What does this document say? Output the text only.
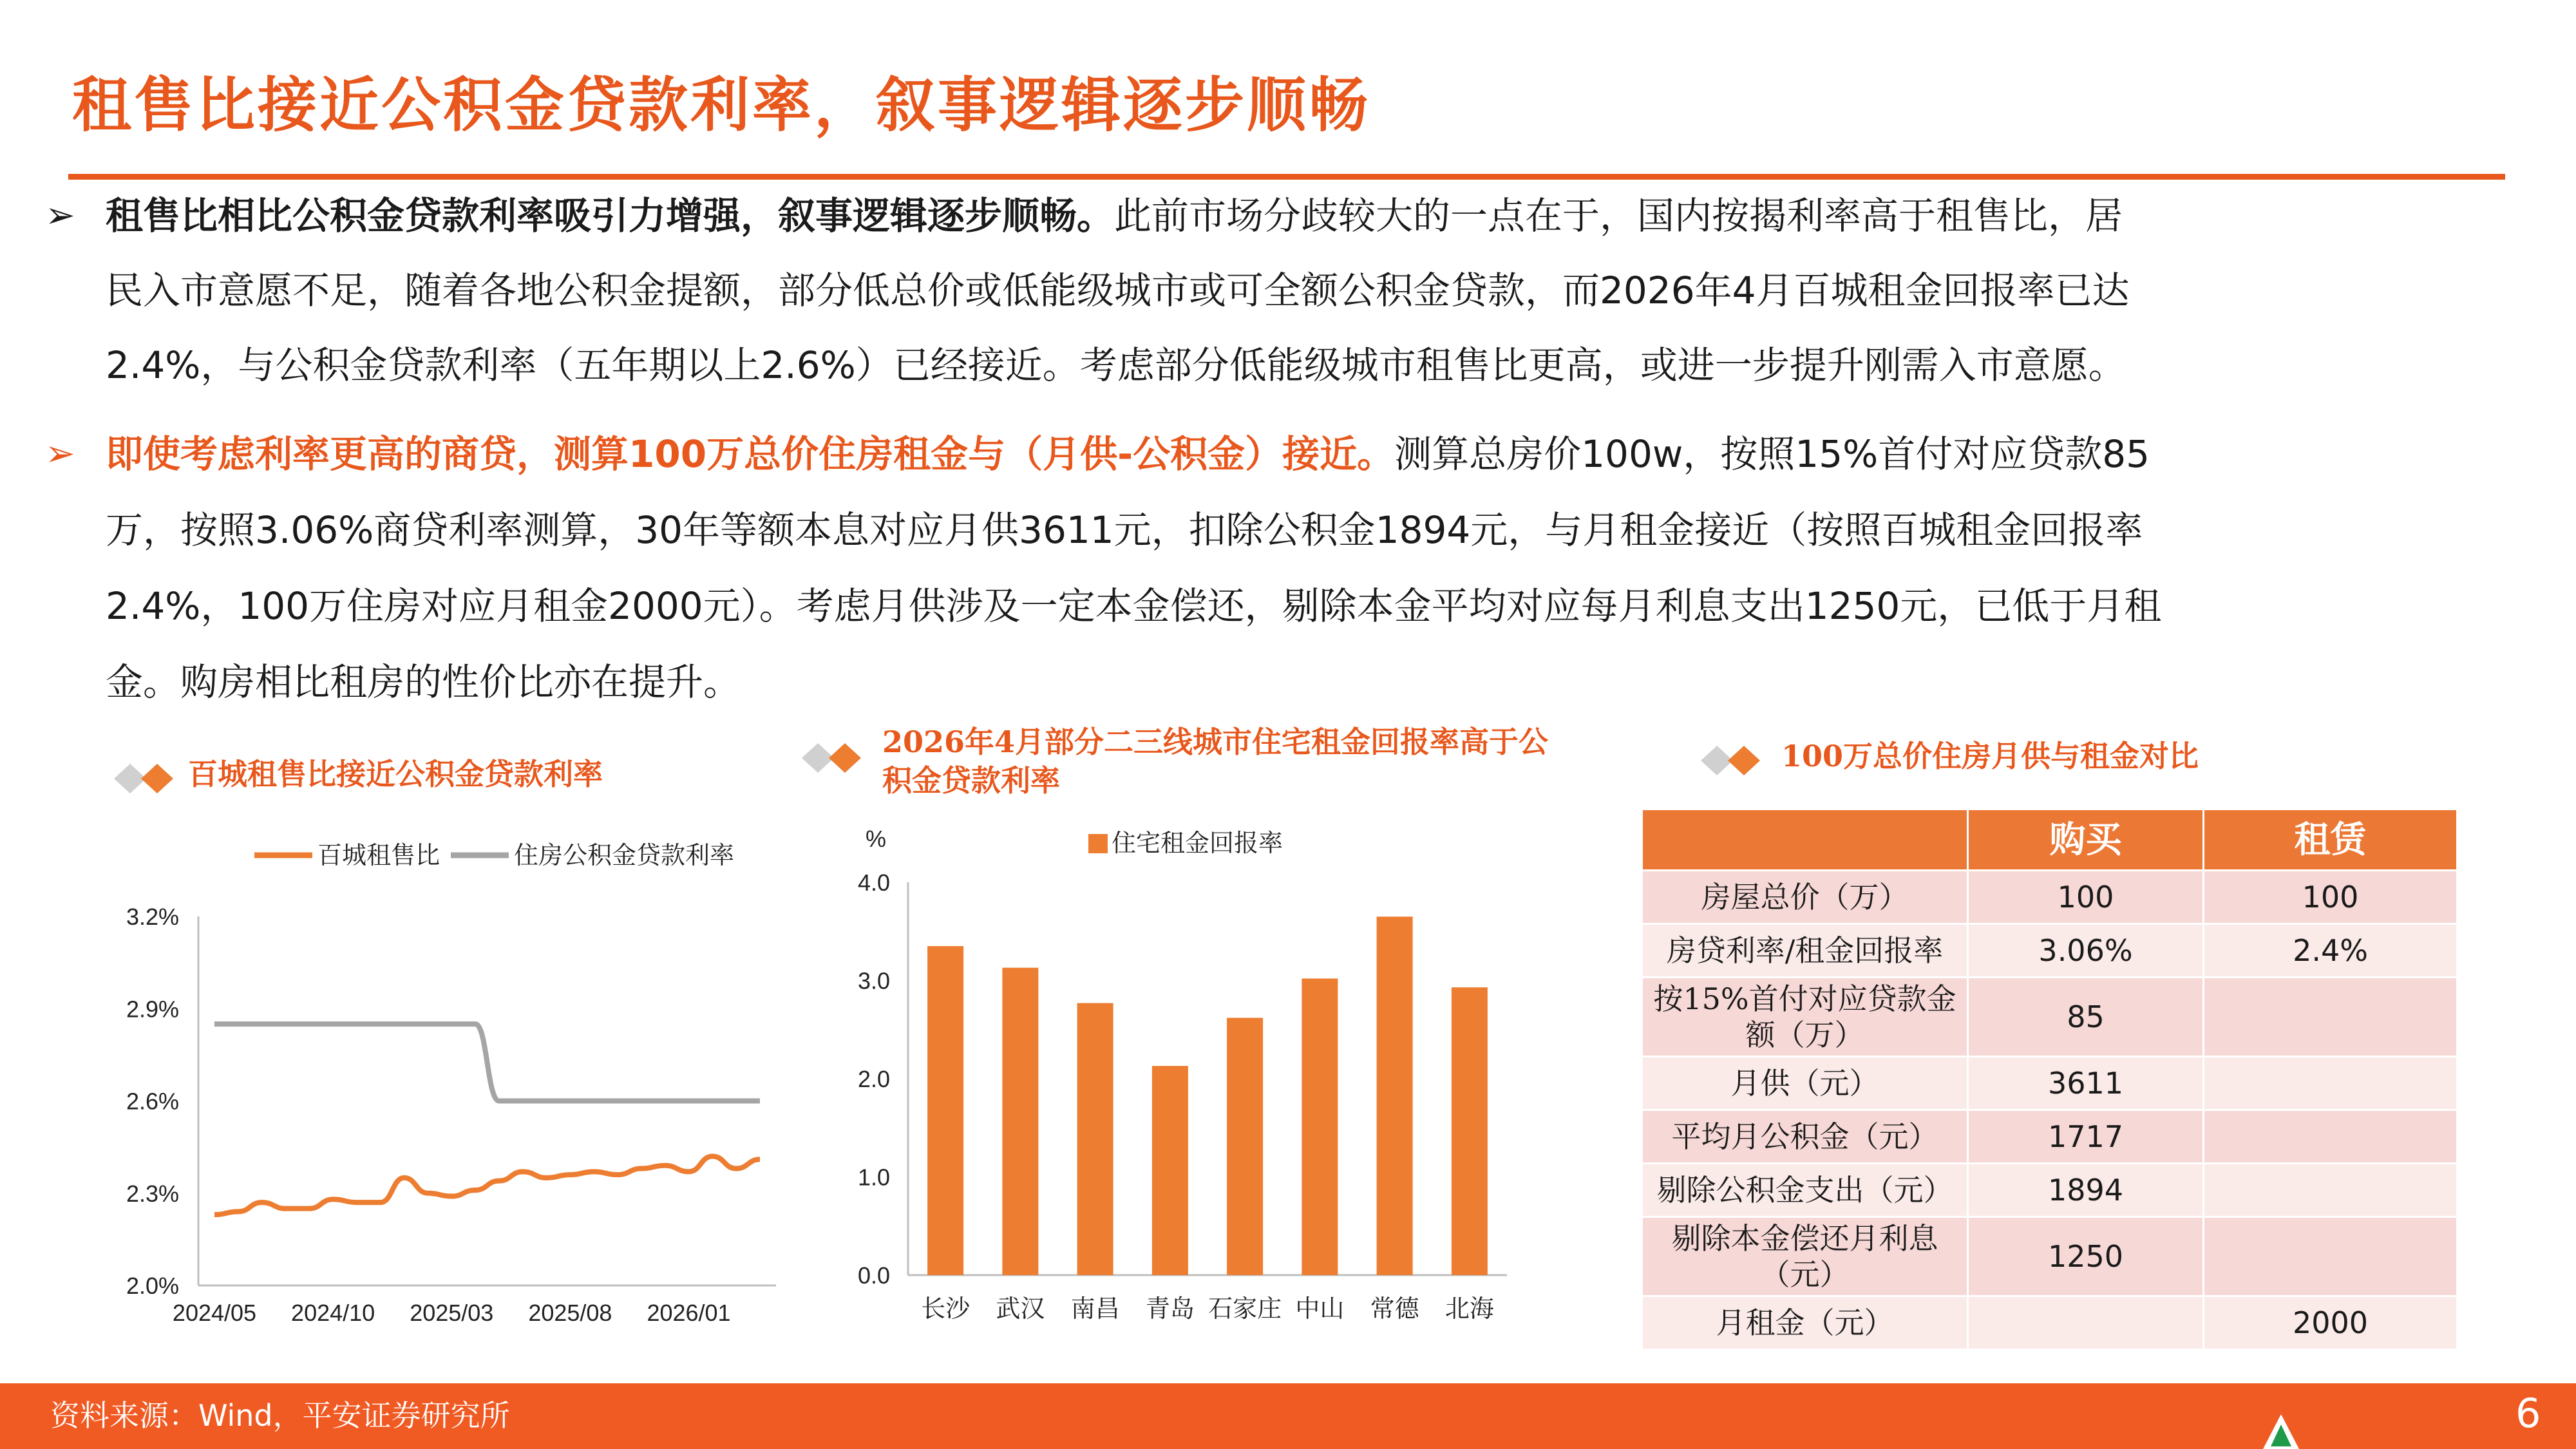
租售比接近公积金贷款利率，叙事逻辑逐步顺畅
➢ 租售比相比公积金贷款利率吸引力增强，叙事逻辑逐步顺畅。此前市场分歧较大的一点在于，国内按揭利率高于租售比，居
民入市意愿不足，随着各地公积金提额，部分低总价或低能级城市或可全额公积金贷款，而2026年4月百城租金回报率已达
2.4%，与公积金贷款利率（五年期以上2.6%）已经接近。考虑部分低能级城市租售比更高，或进一步提升刚需入市意愿。
➢ 即使考虑利率更高的商贷，测算100万总价住房租金与（月供-公积金）接近。测算总房价100w，按照15%首付对应贷款85
万，按照3.06%商贷利率测算，30年等额本息对应月供3611元，扣除公积金1894元，与月租金接近（按照百城租金回报率
2.4%，100万住房对应月租金2000元）。考虑月供涉及一定本金偿还，剔除本金平均对应每月利息支出1250元，已低于月租
金。购房相比租房的性价比亦在提升。
百城租售比接近公积金贷款利率
2026年4月部分二三线城市住宅租金回报率高于公
积金贷款利率
100万总价住房月供与租金对比
2.0%
2.3%
2.6%
2.9%
3.2%
2024/05 2024/10 2025/03 2025/08 2026/01
百城租售比	住房公积金贷款利率
%
0.0
1.0
2.0
3.0
4.0
住宅租金回报率
长沙 武汉 南昌 青岛 石家庄 中山 常德 北海
	购买	租赁
房屋总价（万）	100	100
房贷利率/租金回报率	3.06%	2.4%
按15%首付对应贷款金额（万）	85	
月供（元）	3611	
平均月公积金（元）	1717	
剔除公积金支出（元）	1894	
剔除本金偿还月利息（元）	1250	
月租金（元）		2000
资料来源：Wind，平安证券研究所	6
